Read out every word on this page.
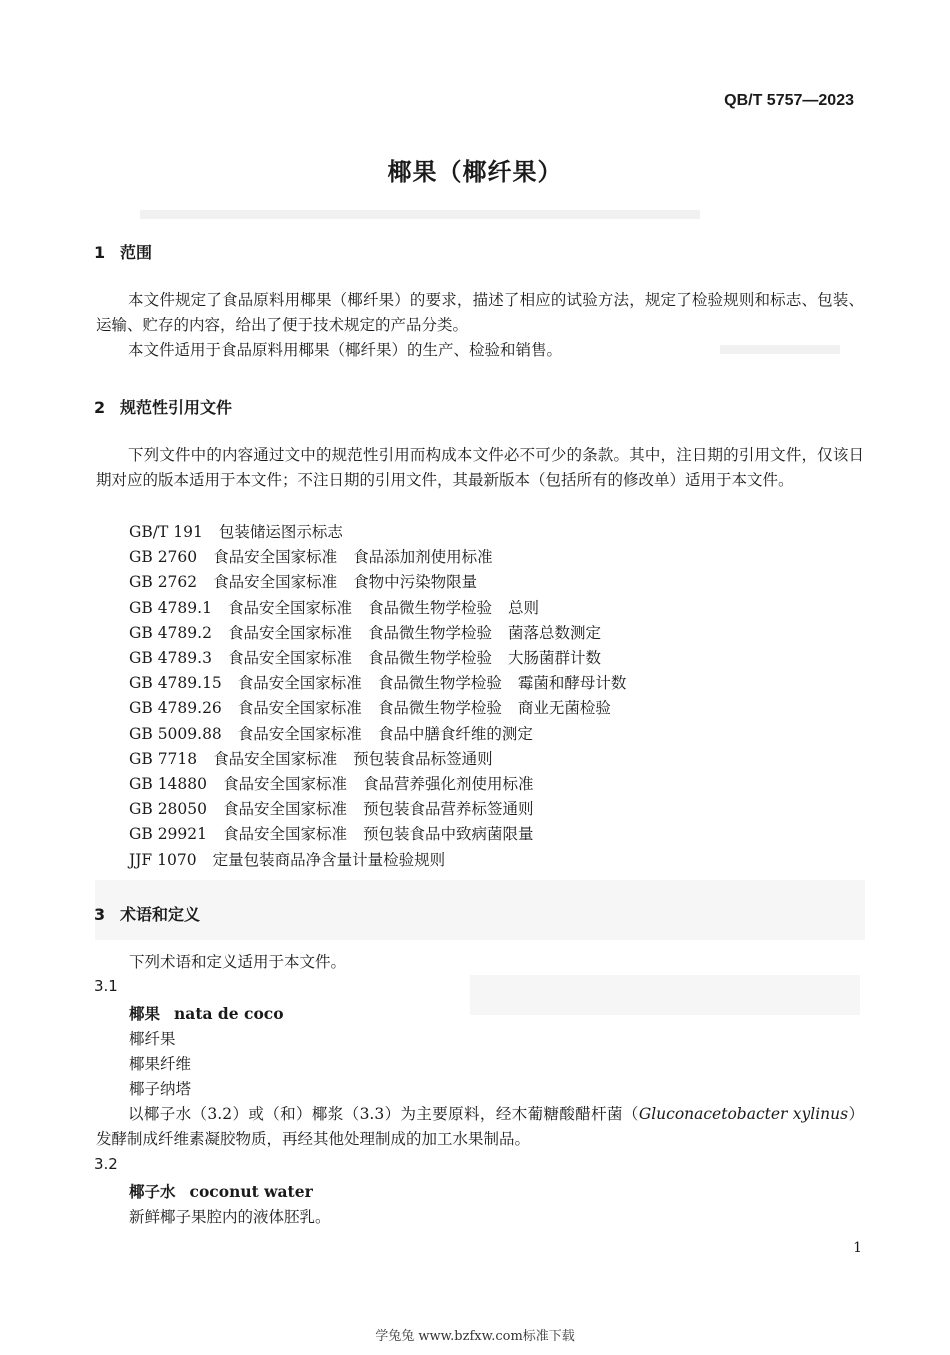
QB/T 5757—2023
椰果（椰纤果）
1 范围
本文件规定了食品原料用椰果（椰纤果）的要求，描述了相应的试验方法，规定了检验规则和标志、包装、运输、贮存的内容，给出了便于技术规定的产品分类。
本文件适用于食品原料用椰果（椰纤果）的生产、检验和销售。
2 规范性引用文件
下列文件中的内容通过文中的规范性引用而构成本文件必不可少的条款。其中，注日期的引用文件，仅该日期对应的版本适用于本文件；不注日期的引用文件，其最新版本（包括所有的修改单）适用于本文件。
GB/T 191 包装储运图示标志
GB 2760 食品安全国家标准 食品添加剂使用标准
GB 2762 食品安全国家标准 食物中污染物限量
GB 4789.1 食品安全国家标准 食品微生物学检验 总则
GB 4789.2 食品安全国家标准 食品微生物学检验 菌落总数测定
GB 4789.3 食品安全国家标准 食品微生物学检验 大肠菌群计数
GB 4789.15 食品安全国家标准 食品微生物学检验 霉菌和酵母计数
GB 4789.26 食品安全国家标准 食品微生物学检验 商业无菌检验
GB 5009.88 食品安全国家标准 食品中膳食纤维的测定
GB 7718 食品安全国家标准 预包装食品标签通则
GB 14880 食品安全国家标准 食品营养强化剂使用标准
GB 28050 食品安全国家标准 预包装食品营养标签通则
GB 29921 食品安全国家标准 预包装食品中致病菌限量
JJF 1070 定量包装商品净含量计量检验规则
3 术语和定义
下列术语和定义适用于本文件。
3.1
椰果 nata de coco
椰纤果
椰果纤维
椰子纳塔
以椰子水（3.2）或（和）椰浆（3.3）为主要原料，经木葡糖酸醋杆菌（Gluconacetobacter xylinus）发酵制成纤维素凝胶物质，再经其他处理制成的加工水果制品。
3.2
椰子水 coconut water
新鲜椰子果腔内的液体胚乳。
1
学兔兔 www.bzfxw.com标准下载
